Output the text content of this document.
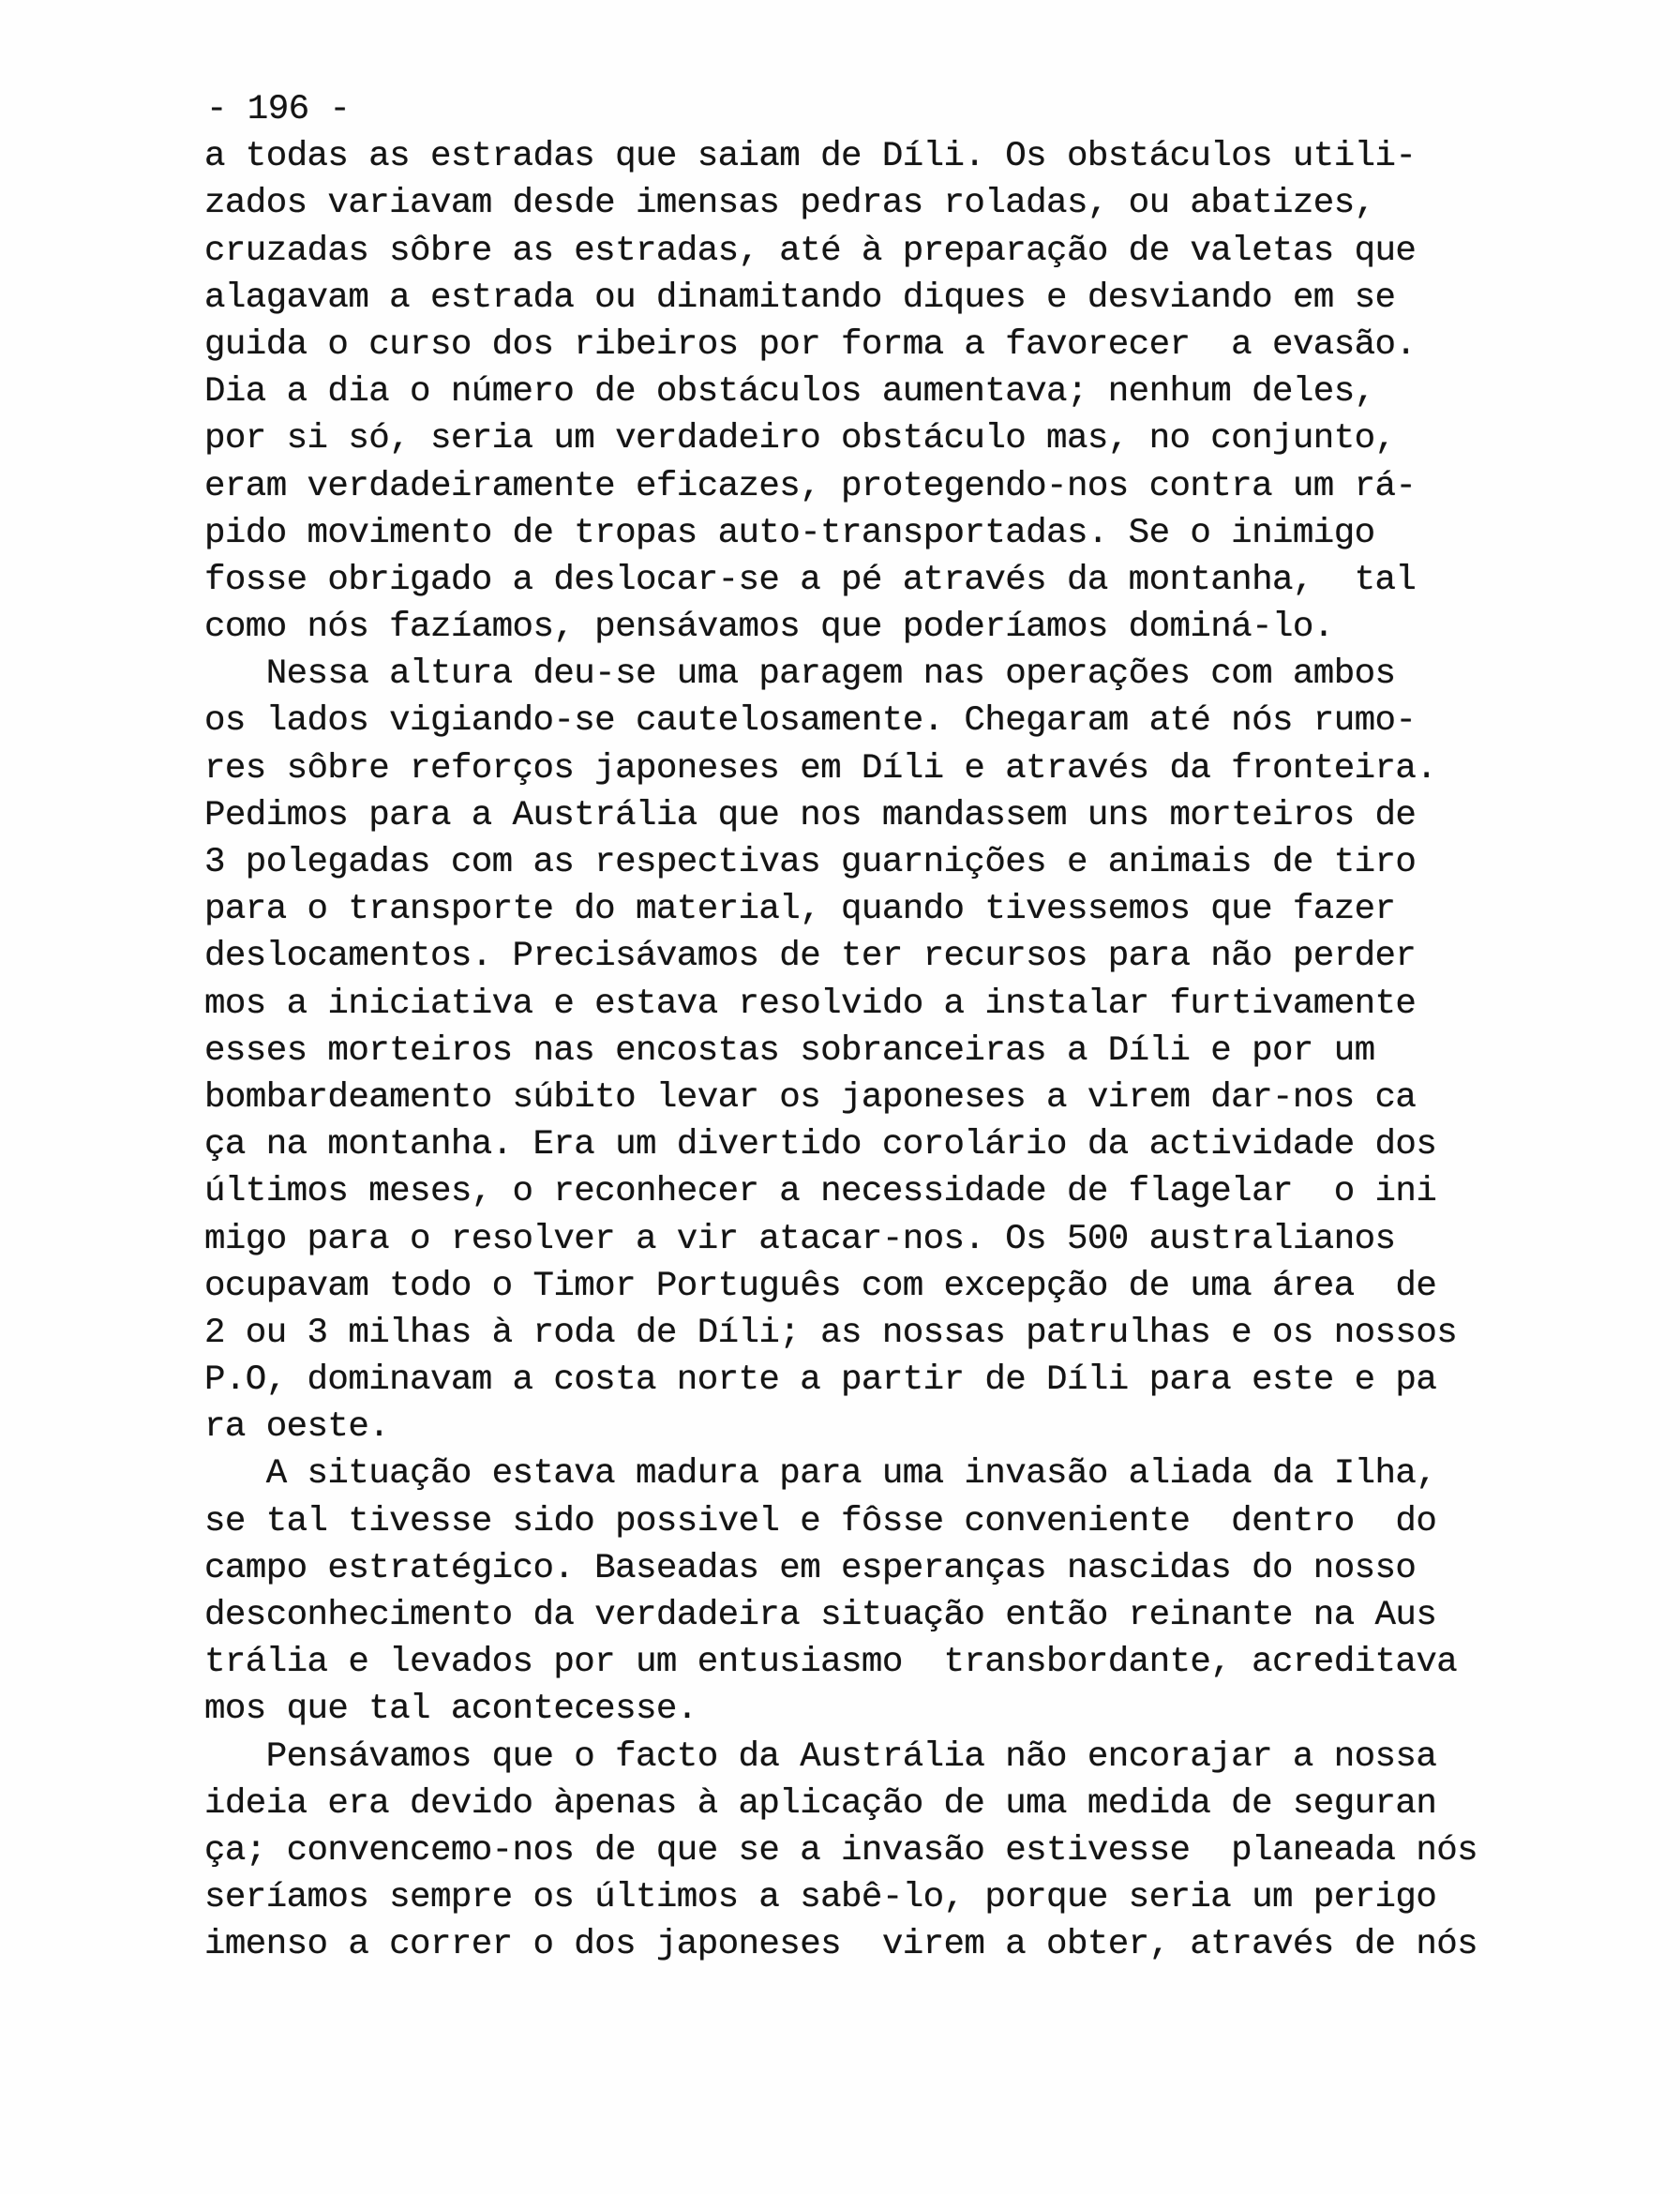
- 196 -
a todas as estradas que saiam de Díli. Os obstáculos utili-
zados variavam desde imensas pedras roladas, ou abatizes,
cruzadas sôbre as estradas, até à preparação de valetas que
alagavam a estrada ou dinamitando diques e desviando em se
guida o curso dos ribeiros por forma a favorecer  a evasão.
Dia a dia o número de obstáculos aumentava; nenhum deles,
por si só, seria um verdadeiro obstáculo mas, no conjunto,
eram verdadeiramente eficazes, protegendo-nos contra um rá-
pido movimento de tropas auto-transportadas. Se o inimigo
fosse obrigado a deslocar-se a pé através da montanha,  tal
como nós fazíamos, pensávamos que poderíamos dominá-lo.
Nessa altura deu-se uma paragem nas operações com ambos
os lados vigiando-se cautelosamente. Chegaram até nós rumo-
res sôbre reforços japoneses em Díli e através da fronteira.
Pedimos para a Austrália que nos mandassem uns morteiros de
3 polegadas com as respectivas guarnições e animais de tiro
para o transporte do material, quando tivessemos que fazer
deslocamentos. Precisávamos de ter recursos para não perder
mos a iniciativa e estava resolvido a instalar furtivamente
esses morteiros nas encostas sobranceiras a Díli e por um
bombardeamento súbito levar os japoneses a virem dar-nos ca
ça na montanha. Era um divertido corolário da actividade dos
últimos meses, o reconhecer a necessidade de flagelar  o ini
migo para o resolver a vir atacar-nos. Os 500 australianos
ocupavam todo o Timor Português com excepção de uma área  de
2 ou 3 milhas à roda de Díli; as nossas patrulhas e os nossos
P.O, dominavam a costa norte a partir de Díli para este e pa
ra oeste.
A situação estava madura para uma invasão aliada da Ilha,
se tal tivesse sido possivel e fôsse conveniente  dentro  do
campo estratégico. Baseadas em esperanças nascidas do nosso
desconhecimento da verdadeira situação então reinante na Aus
trália e levados por um entusiasmo  transbordante, acreditava
mos que tal acontecesse.
Pensávamos que o facto da Austrália não encorajar a nossa
ideia era devido àpenas à aplicação de uma medida de seguran
ça; convencemo-nos de que se a invasão estivesse  planeada nós
seríamos sempre os últimos a sabê-lo, porque seria um perigo
imenso a correr o dos japoneses  virem a obter, através de nós
